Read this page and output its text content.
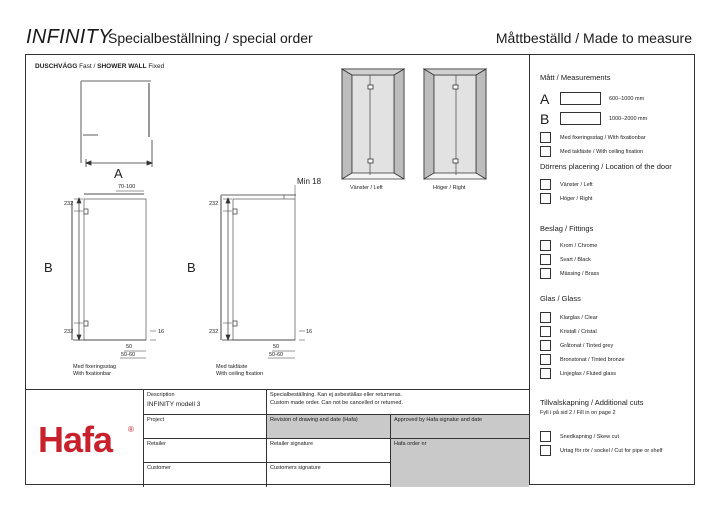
INFINITY
Specialbeställning / special order	Måttbeställd / Made to measure
DUSCHVÄGG Fast / SHOWER WALL Fixed
A
B	B
70-100
232
232
232
232
16	16
50
50-60
50
50-60
Min 18
Med fixeringsstag
With fixationbar
Med takfäste
With ceiling fixation
Vänster / Left	Höger / Right
Mått / Measurements
A	600–1000 mm
B	1000–2000 mm
Med fixeringsstag / With fixationbar
Med takfäste / With ceiling fixation
Dörrens placering / Location of the door
Vänster / Left
Höger / Right
Beslag / Fittings
Krom / Chrome
Svart / Black
Mässing / Brass
Glas / Glass
Klarglas / Clear
Kristall / Cristal
Gråtonat / Tinted grey
Bronstonat / Tinted bronze
Linjeglas / Fluted glass
Tillvalskapning / Additional cuts
Fyll i på sid 2 / Fill in on page 2
Snedkapning / Skew cut
Urtag för rör / sockel / Cut for pipe or shelf
Hafa ®
Description
INFINITY modell 3
Specialbeställning. Kan ej avbeställas eller returneras.
Custom made order. Can not be cancelled or returned.
Project	Revision of drawing and date (Hafa)	Approved by Hafa signatur and date
Retailer	Retailer signature	Hafa order nr
Customer	Customers signature
